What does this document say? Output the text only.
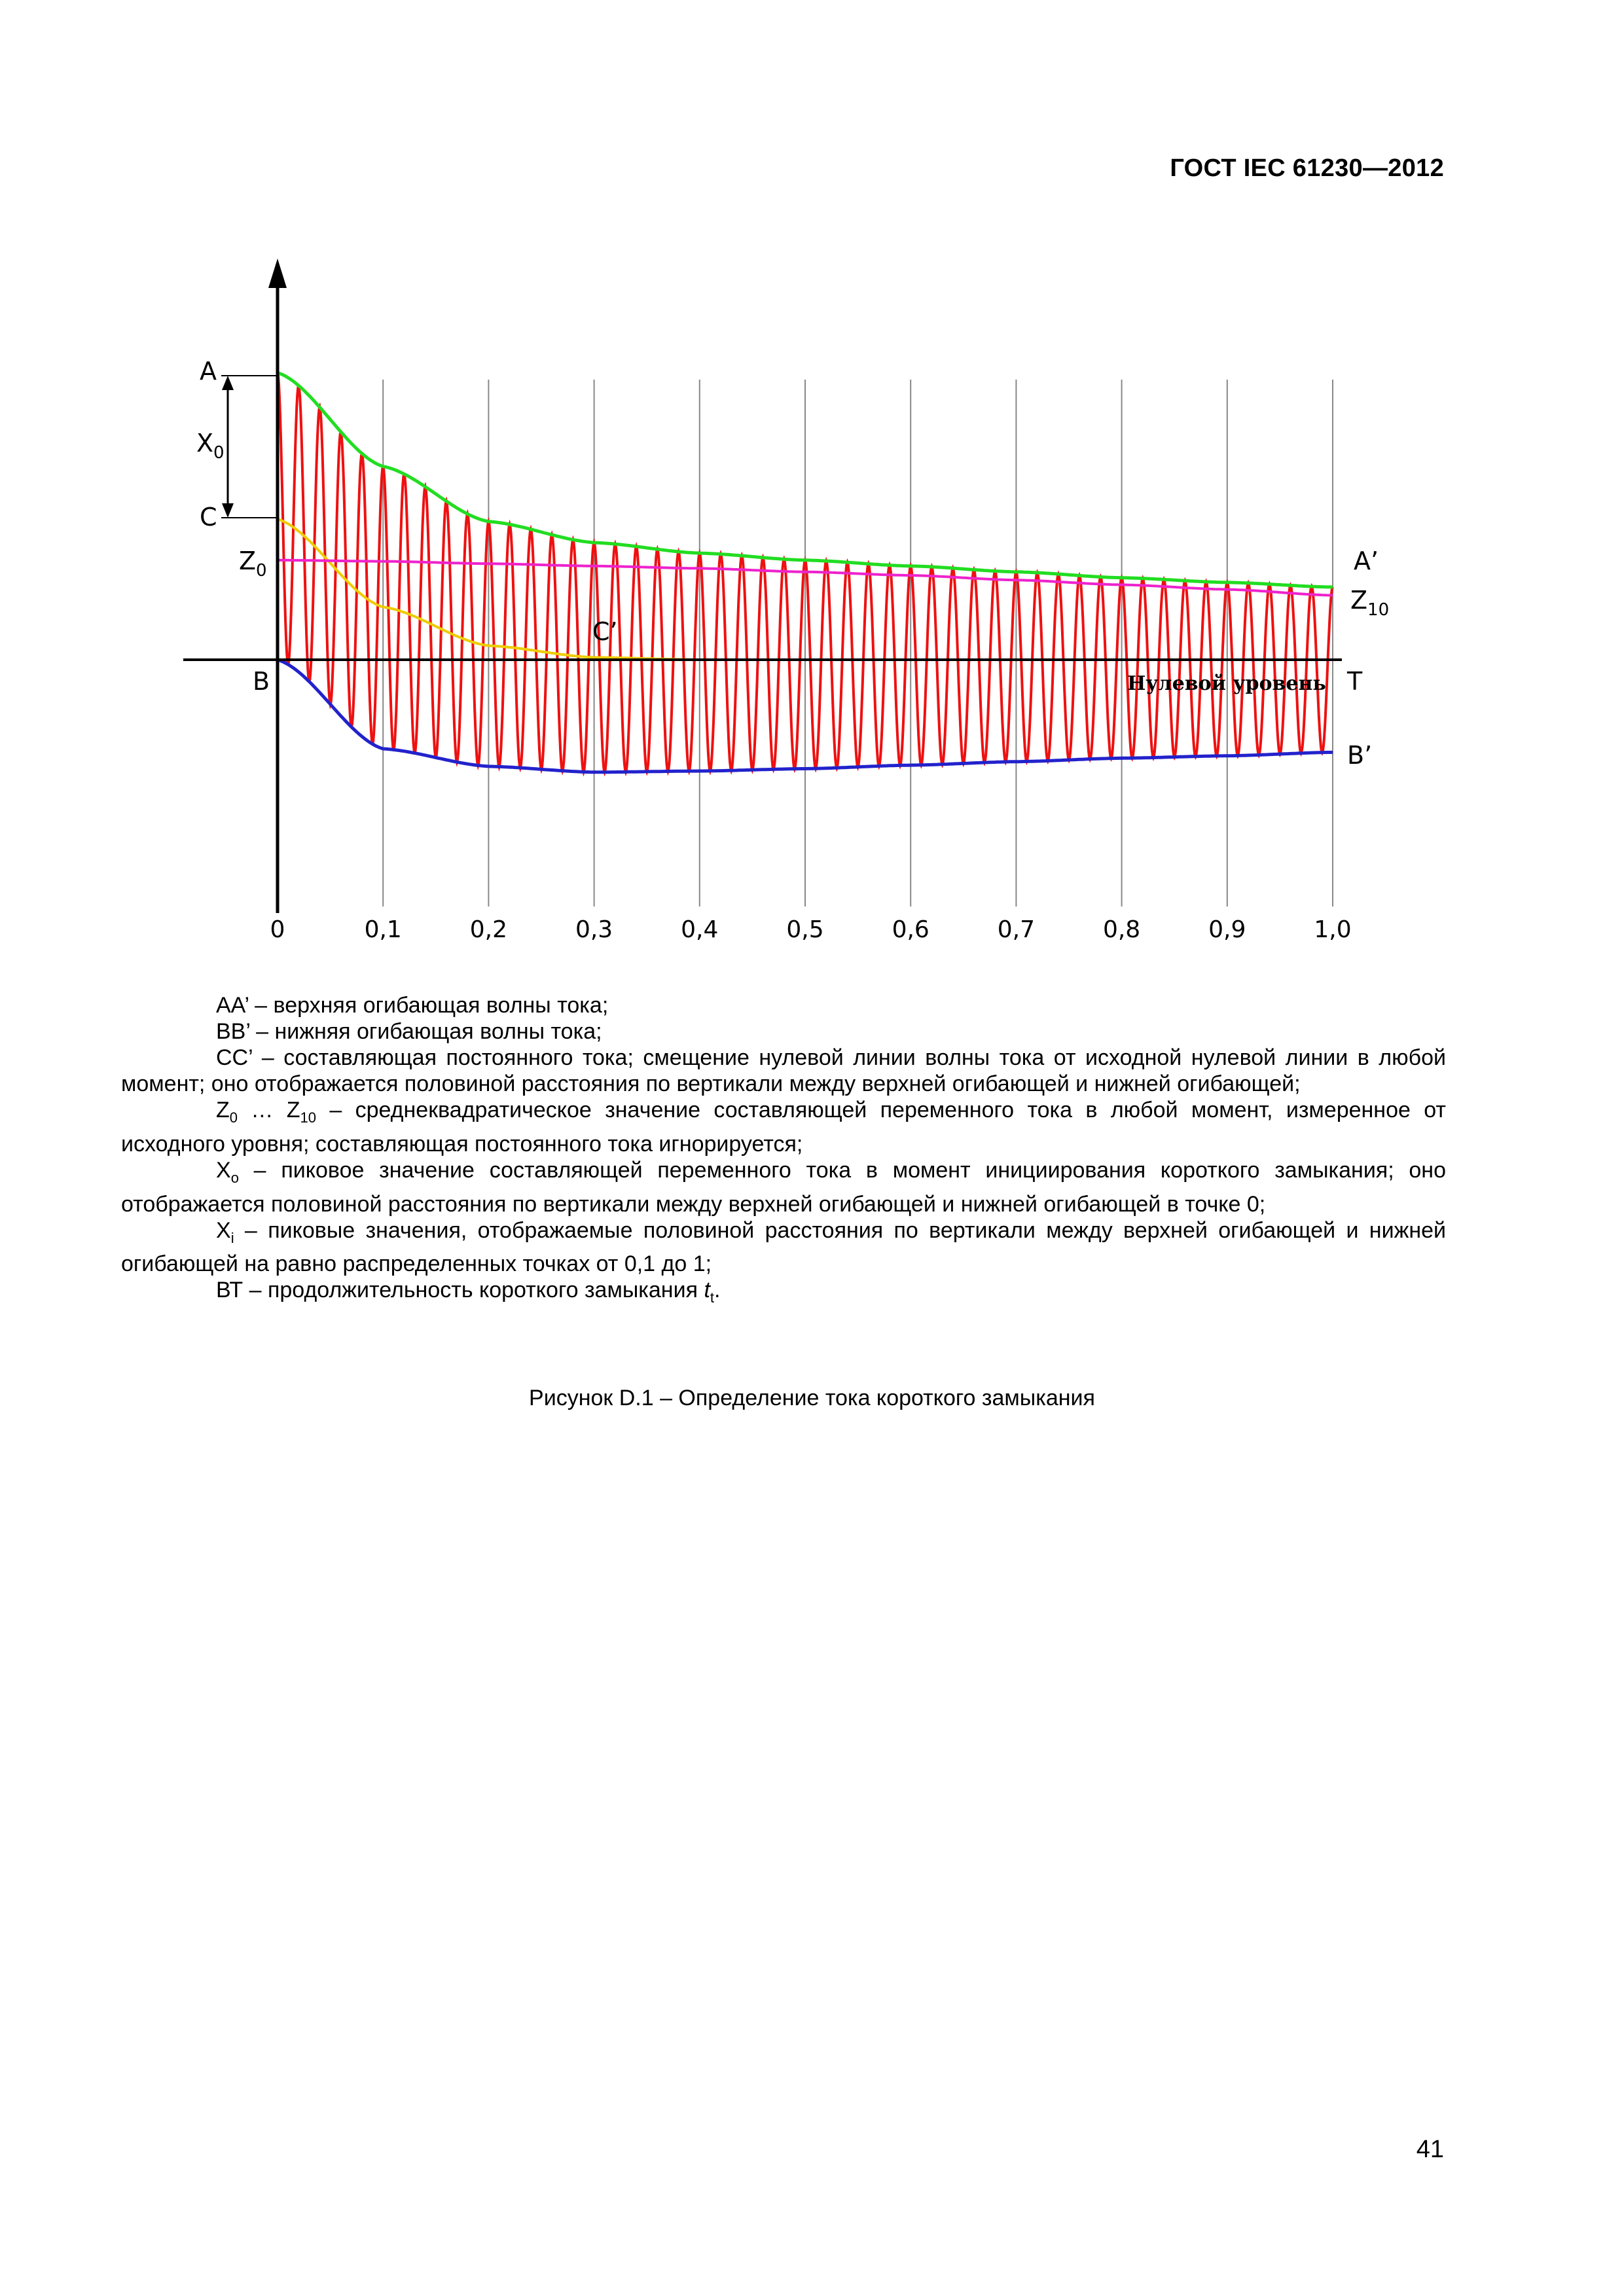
ГОСТ IEC 61230—2012
0	0,1	0,2	0,3	0,4	0,5	0,6	0,7	0,8	0,9	1,0
A
C
B
$X_0$
$Z_0$	A’
$Z_{10}$
C’
T
B’
Нулевой уровень

АА’ – верхняя огибающая волны тока;

ВВ’ – нижняя огибающая волны тока;

СС’ – составляющая постоянного тока; смещение нулевой линии волны тока от исходной нулевой линии в любой момент; оно отображается половиной расстояния по вертикали между верхней огибающей и нижней огибающей;

$Z_0$ … $Z_{10}$ – среднеквадратическое значение составляющей переменного тока в любой момент, измеренное от исходного уровня; составляющая постоянного тока игнорируется;

$Х_о$ – пиковое значение составляющей переменного тока в момент инициирования короткого замыкания; оно отображается половиной расстояния по вертикали между верхней огибающей и нижней огибающей в точке 0;

$Х_i$ – пиковые значения, отображаемые половиной расстояния по вертикали между верхней огибающей и нижней огибающей на равно распределенных точках от 0,1 до 1;

ВТ – продолжительность короткого замыкания $t_t$.

Рисунок D.1 – Определение тока короткого замыкания
41
